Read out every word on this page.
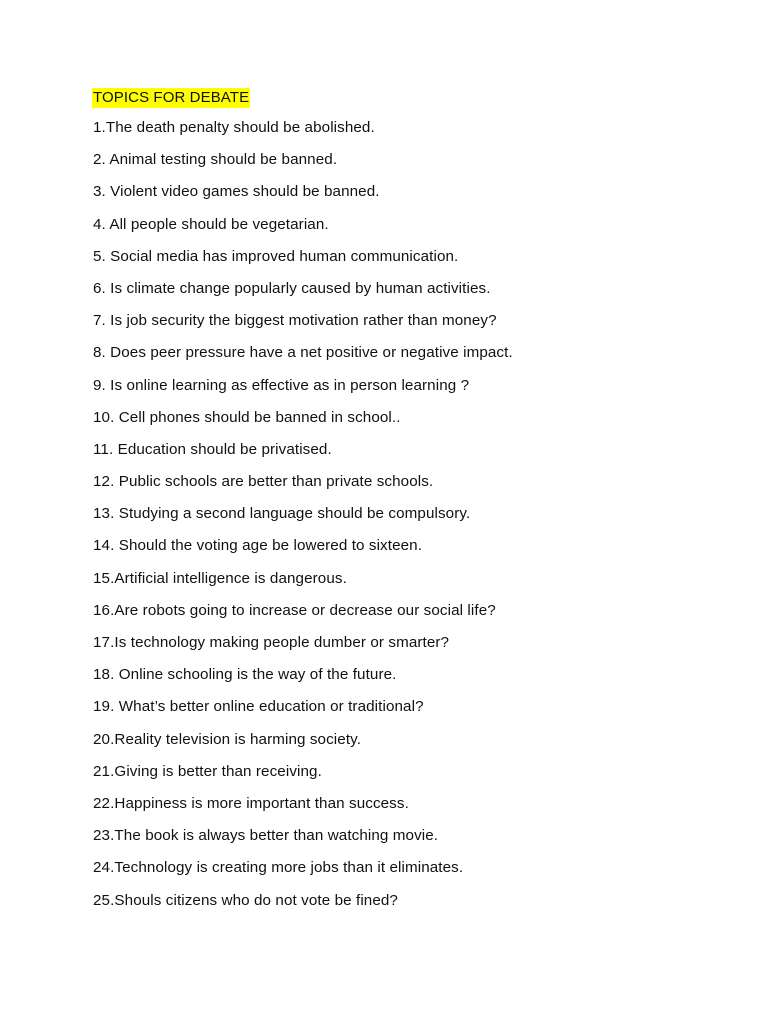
TOPICS FOR DEBATE
1.The death penalty should be abolished.
2. Animal testing should be banned.
3. Violent video games should be banned.
4. All people should be vegetarian.
5. Social media has improved human communication.
6. Is climate change popularly caused by human activities.
7. Is job security the biggest motivation rather than money?
8. Does peer pressure have a net positive or negative impact.
9. Is online learning as effective as in person learning ?
10. Cell phones should be banned in school..
11. Education should be privatised.
12. Public schools are better than private schools.
13. Studying a second language should be compulsory.
14. Should the voting age be lowered to sixteen.
15.Artificial intelligence is dangerous.
16.Are robots going to increase or decrease our social life?
17.Is technology making people dumber or smarter?
18. Online schooling is the way of the future.
19. What’s better online education or traditional?
20.Reality television is harming society.
21.Giving is better than receiving.
22.Happiness is more important than success.
23.The book is always better than watching movie.
24.Technology is creating more jobs than it eliminates.
25.Shouls citizens who do not vote be fined?
